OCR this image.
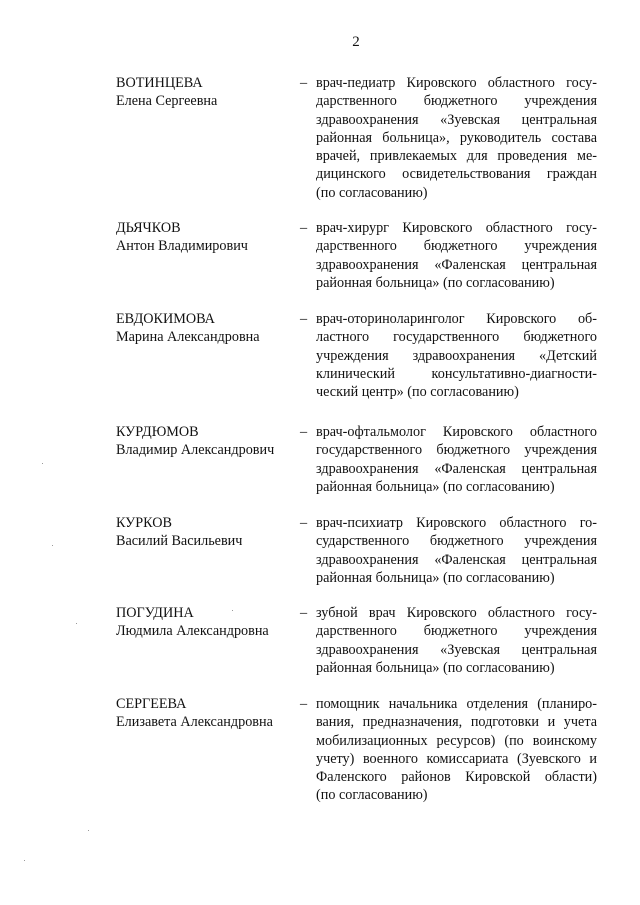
2
ВОТИНЦЕВА
Елена Сергеевна
– врач-педиатр Кировского областного госу-
дарственного бюджетного учреждения
здравоохранения «Зуевская центральная
районная больница», руководитель состава
врачей, привлекаемых для проведения ме-
дицинского освидетельствования граждан
(по согласованию)
ДЬЯЧКОВ
Антон Владимирович
– врач-хирург Кировского областного госу-
дарственного бюджетного учреждения
здравоохранения «Фаленская центральная
районная больница» (по согласованию)
ЕВДОКИМОВА
Марина Александровна
– врач-оториноларинголог Кировского об-
ластного государственного бюджетного
учреждения здравоохранения «Детский
клинический консультативно-диагности-
ческий центр» (по согласованию)
КУРДЮМОВ
Владимир Александрович
– врач-офтальмолог Кировского областного
государственного бюджетного учреждения
здравоохранения «Фаленская центральная
районная больница» (по согласованию)
КУРКОВ
Василий Васильевич
– врач-психиатр Кировского областного го-
сударственного бюджетного учреждения
здравоохранения «Фаленская центральная
районная больница» (по согласованию)
ПОГУДИНА
Людмила Александровна
– зубной врач Кировского областного госу-
дарственного бюджетного учреждения
здравоохранения «Зуевская центральная
районная больница» (по согласованию)
СЕРГЕЕВА
Елизавета Александровна
– помощник начальника отделения (планиро-
вания, предназначения, подготовки и учета
мобилизационных ресурсов) (по воинскому
учету) военного комиссариата (Зуевского и
Фаленского районов Кировской области)
(по согласованию)
